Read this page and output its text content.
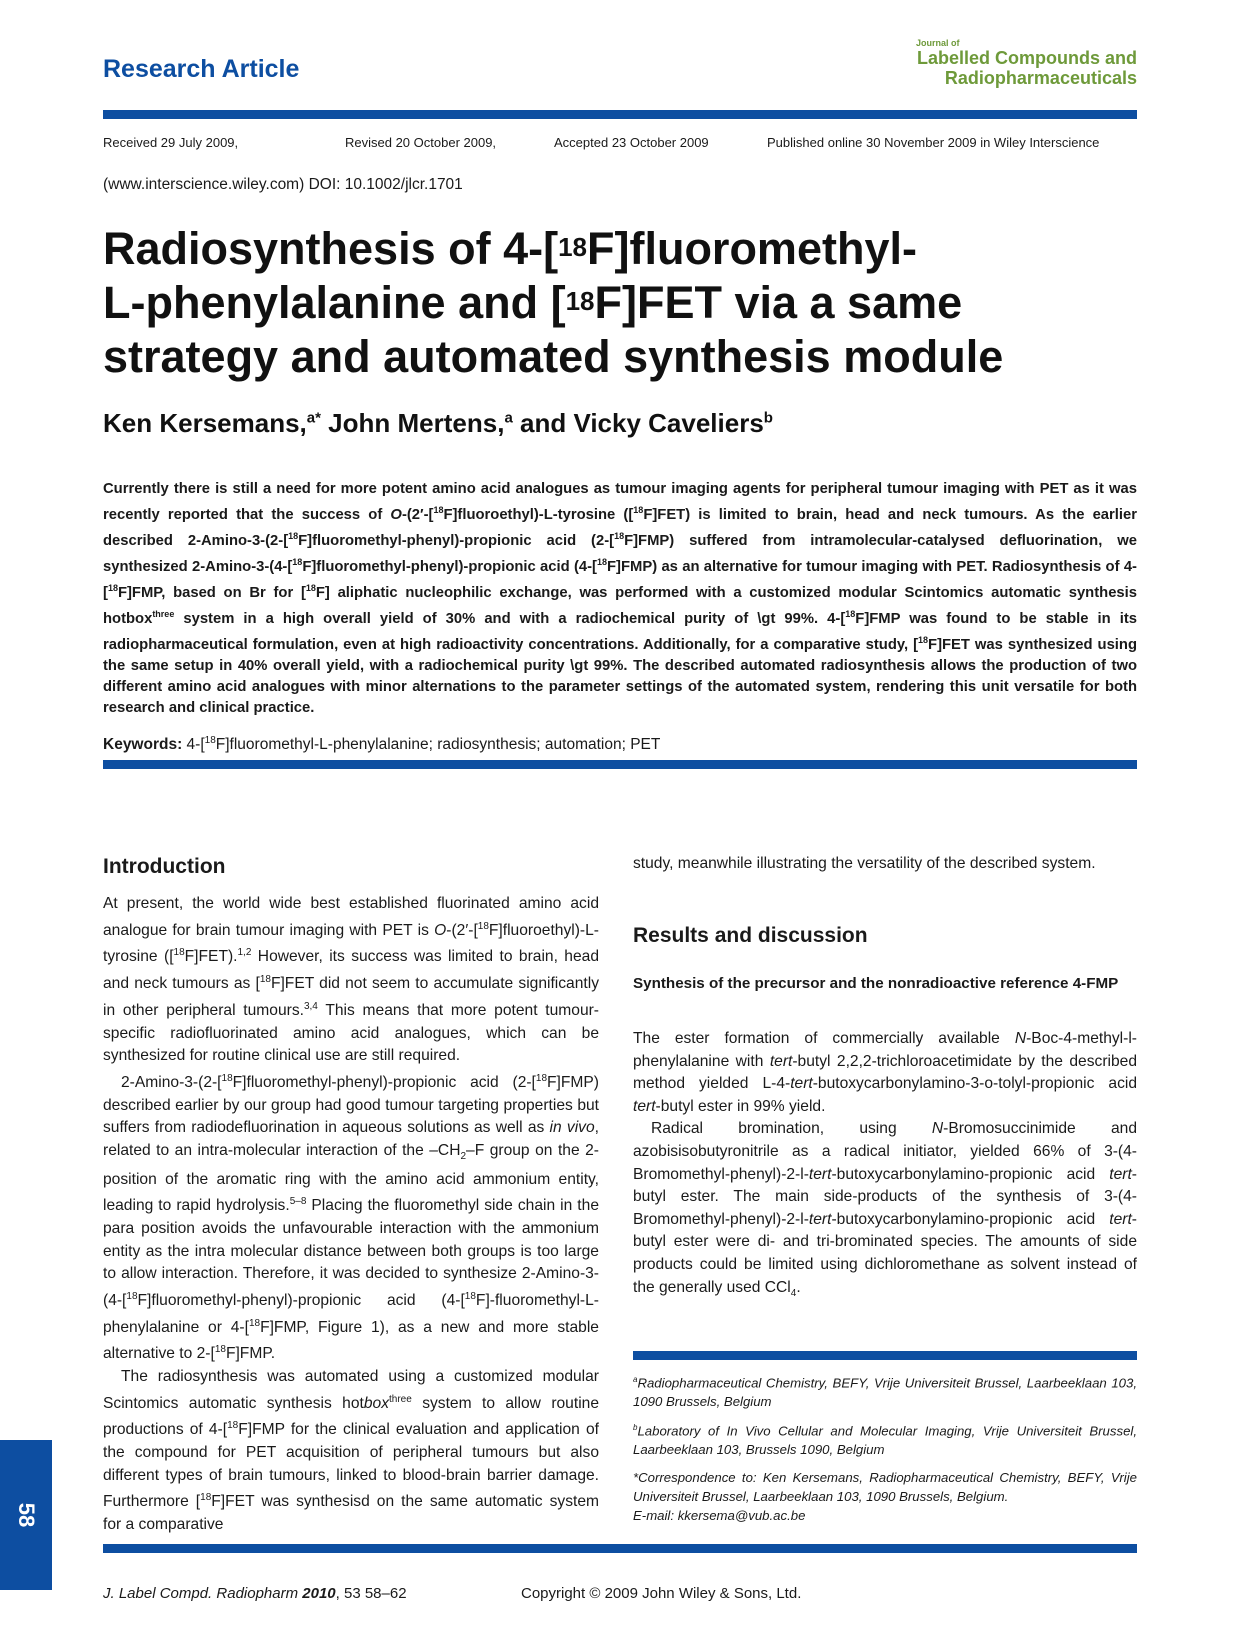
Research Article
Journal of
Labelled Compounds and
Radiopharmaceuticals
Received 29 July 2009,	Revised 20 October 2009,	Accepted 23 October 2009	Published online 30 November 2009 in Wiley Interscience
(www.interscience.wiley.com) DOI: 10.1002/jlcr.1701
Radiosynthesis of 4-[$^{18}$F]fluoromethyl-
L-phenylalanine and [$^{18}$F]FET via a same
strategy and automated synthesis module
Ken Kersemans,$^{a*}$ John Mertens,$^a$ and Vicky Caveliers$^b$
Currently there is still a need for more potent amino acid analogues as tumour imaging agents for peripheral tumour imaging with PET as it was recently reported that the success of O-(2′-[$^{18}$F]fluoroethyl)-L-tyrosine ([$^{18}$F]FET) is limited to brain, head and neck tumours. As the earlier described 2-Amino-3-(2-[$^{18}$F]fluoromethyl-phenyl)-propionic acid (2-[$^{18}$F]FMP) suffered from intramolecular-catalysed defluorination, we synthesized 2-Amino-3-(4-[$^{18}$F]fluoromethyl-phenyl)-propionic acid (4-[$^{18}$F]FMP) as an alternative for tumour imaging with PET. Radiosynthesis of 4-[$^{18}$F]FMP, based on Br for [$^{18}$F] aliphatic nucleophilic exchange, was performed with a customized modular Scintomics automatic synthesis hotbox$^{three}$ system in a high overall yield of 30% and with a radiochemical purity of \gt 99%. 4-[$^{18}$F]FMP was found to be stable in its radiopharmaceutical formulation, even at high radioactivity concentrations. Additionally, for a comparative study, [$^{18}$F]FET was synthesized using the same setup in 40% overall yield, with a radiochemical purity \gt 99%. The described automated radiosynthesis allows the production of two different amino acid analogues with minor alternations to the parameter settings of the automated system, rendering this unit versatile for both research and clinical practice.
Keywords: 4-[$^{18}$F]fluoromethyl-L-phenylalanine; radiosynthesis; automation; PET
Introduction

At present, the world wide best established fluorinated amino acid analogue for brain tumour imaging with PET is O-(2′-[$^{18}$F]fluoroethyl)-L-tyrosine ([$^{18}$F]FET).$^{1,2}$ However, its success was limited to brain, head and neck tumours as [$^{18}$F]FET did not seem to accumulate significantly in other peripheral tumours.$^{3,4}$ This means that more potent tumour-specific radiofluorinated amino acid analogues, which can be synthesized for routine clinical use are still required.

2-Amino-3-(2-[$^{18}$F]fluoromethyl-phenyl)-propionic acid (2-[$^{18}$F]FMP) described earlier by our group had good tumour targeting properties but suffers from radiodefluorination in aqueous solutions as well as in vivo, related to an intra-molecular interaction of the $-CH_2-F$ group on the 2-position of the aromatic ring with the amino acid ammonium entity, leading to rapid hydrolysis.$^{5-8}$ Placing the fluoromethyl side chain in the para position avoids the unfavourable interaction with the ammonium entity as the intra molecular distance between both groups is too large to allow interaction. Therefore, it was decided to synthesize 2-Amino-3-(4-[$^{18}$F]fluoromethyl-phenyl)-propionic acid (4-[$^{18}$F]-fluoromethyl-L-phenylalanine or 4-[$^{18}$F]FMP, Figure 1), as a new and more stable alternative to 2-[$^{18}$F]FMP.

The radiosynthesis was automated using a customized modular Scintomics automatic synthesis hotbox$^{three}$ system to allow routine productions of 4-[$^{18}$F]FMP for the clinical evaluation and application of the compound for PET acquisition of peripheral tumours but also different types of brain tumours, linked to blood-brain barrier damage. Furthermore [$^{18}$F]FET was synthesisd on the same automatic system for a comparative

study, meanwhile illustrating the versatility of the described system.

Results and discussion
Synthesis of the precursor and the nonradioactive reference 4-FMP

The ester formation of commercially available N-Boc-4-methyl-l-phenylalanine with tert-butyl 2,2,2-trichloroacetimidate by the described method yielded L-4-tert-butoxycarbonylamino-3-o-tolyl-propionic acid tert-butyl ester in 99% yield.

Radical bromination, using N-Bromosuccinimide and azobisisobutyronitrile as a radical initiator, yielded 66% of 3-(4-Bromomethyl-phenyl)-2-l-tert-butoxycarbonylamino-propionic acid tert-butyl ester. The main side-products of the synthesis of 3-(4-Bromomethyl-phenyl)-2-l-tert-butoxycarbonylamino-propionic acid tert-butyl ester were di- and tri-brominated species. The amounts of side products could be limited using dichloromethane as solvent instead of the generally used CCl$_4$.

$^a$Radiopharmaceutical Chemistry, BEFY, Vrije Universiteit Brussel, Laarbeeklaan 103, 1090 Brussels, Belgium
$^b$Laboratory of In Vivo Cellular and Molecular Imaging, Vrije Universiteit Brussel, Laarbeeklaan 103, Brussels 1090, Belgium
*Correspondence to: Ken Kersemans, Radiopharmaceutical Chemistry, BEFY, Vrije Universiteit Brussel, Laarbeeklaan 103, 1090 Brussels, Belgium.
E-mail: kkersema@vub.ac.be
58
J. Label Compd. Radiopharm 2010, 53 58–62	Copyright © 2009 John Wiley & Sons, Ltd.
